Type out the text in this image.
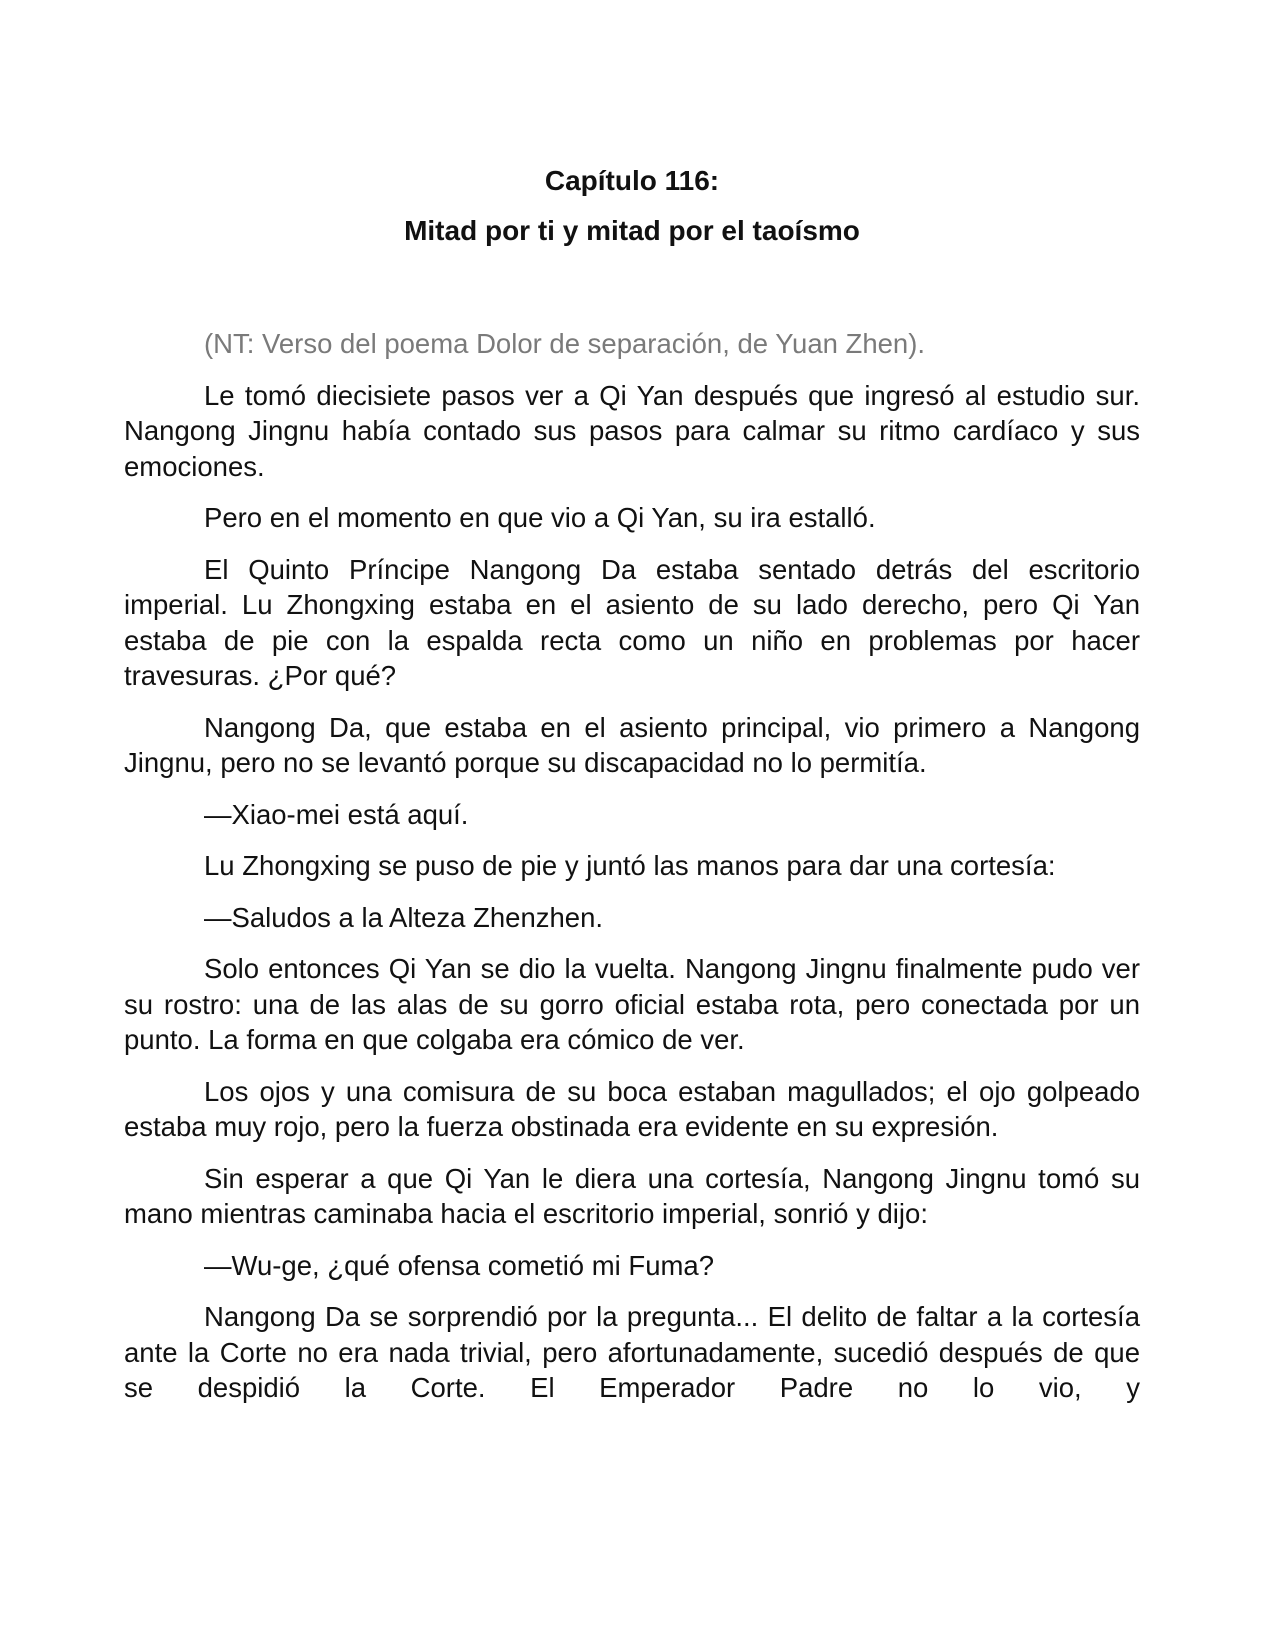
Capítulo 116:

Mitad por ti y mitad por el taoísmo

(NT: Verso del poema Dolor de separación, de Yuan Zhen).

Le tomó diecisiete pasos ver a Qi Yan después que ingresó al estudio sur. Nangong Jingnu había contado sus pasos para calmar su ritmo cardíaco y sus emociones.

Pero en el momento en que vio a Qi Yan, su ira estalló.

El Quinto Príncipe Nangong Da estaba sentado detrás del escritorio imperial. Lu Zhongxing estaba en el asiento de su lado derecho, pero Qi Yan estaba de pie con la espalda recta como un niño en problemas por hacer travesuras. ¿Por qué?

Nangong Da, que estaba en el asiento principal, vio primero a Nangong Jingnu, pero no se levantó porque su discapacidad no lo permitía.

—Xiao-mei está aquí.

Lu Zhongxing se puso de pie y juntó las manos para dar una cortesía:

—Saludos a la Alteza Zhenzhen.

Solo entonces Qi Yan se dio la vuelta. Nangong Jingnu finalmente pudo ver su rostro: una de las alas de su gorro oficial estaba rota, pero conectada por un punto. La forma en que colgaba era cómico de ver.

Los ojos y una comisura de su boca estaban magullados; el ojo golpeado estaba muy rojo, pero la fuerza obstinada era evidente en su expresión.

Sin esperar a que Qi Yan le diera una cortesía, Nangong Jingnu tomó su mano mientras caminaba hacia el escritorio imperial, sonrió y dijo:

—Wu-ge, ¿qué ofensa cometió mi Fuma?

Nangong Da se sorprendió por la pregunta... El delito de faltar a la cortesía ante la Corte no era nada trivial, pero afortunadamente, sucedió después de que se despidió la Corte. El Emperador Padre no lo vio, y
